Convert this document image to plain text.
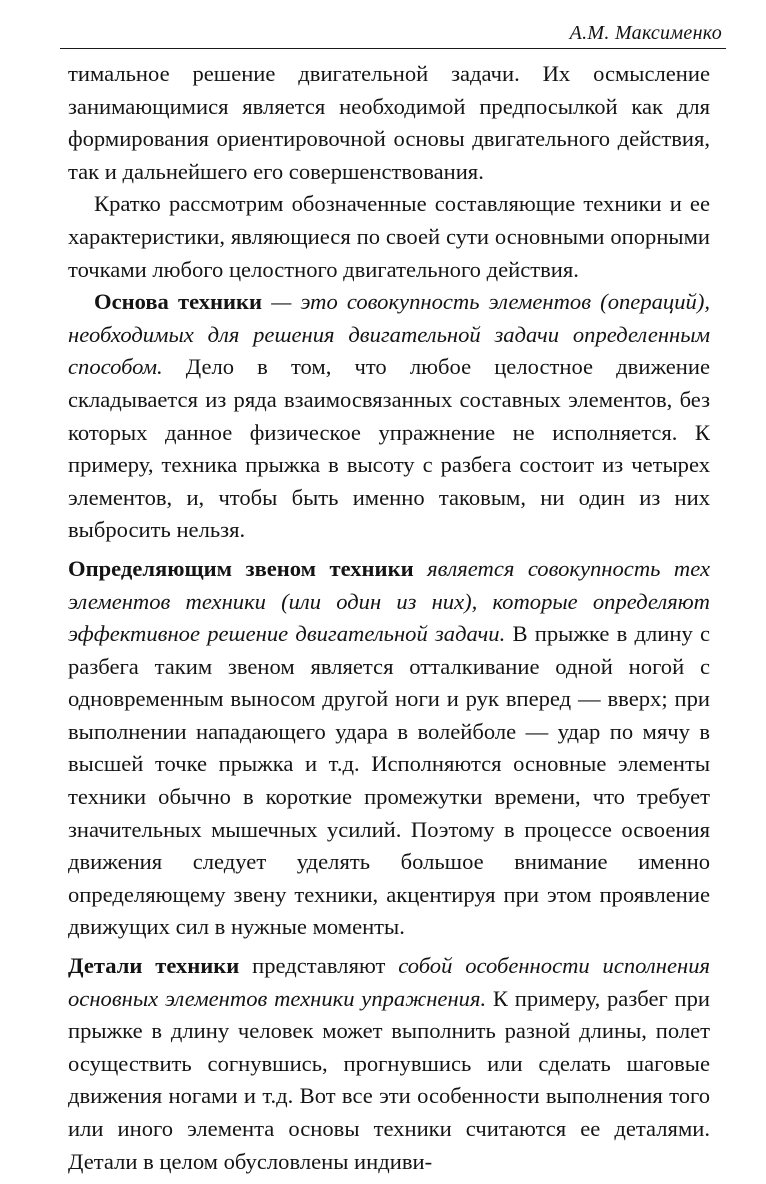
А.М. Максименко

тимальное решение двигательной задачи. Их осмысление занимающимися является необходимой предпосылкой как для формирования ориентировочной основы двигательного действия, так и дальнейшего его совершенствования.

Кратко рассмотрим обозначенные составляющие техники и ее характеристики, являющиеся по своей сути основными опорными точками любого целостного двигательного действия.

Основа техники — это совокупность элементов (операций), необходимых для решения двигательной задачи определенным способом. Дело в том, что любое целостное движение складывается из ряда взаимосвязанных составных элементов, без которых данное физическое упражнение не исполняется. К примеру, техника прыжка в высоту с разбега состоит из четырех элементов, и, чтобы быть именно таковым, ни один из них выбросить нельзя.

Определяющим звеном техники является совокупность тех элементов техники (или один из них), которые определяют эффективное решение двигательной задачи. В прыжке в длину с разбега таким звеном является отталкивание одной ногой с одновременным выносом другой ноги и рук вперед — вверх; при выполнении нападающего удара в волейболе — удар по мячу в высшей точке прыжка и т.д. Исполняются основные элементы техники обычно в короткие промежутки времени, что требует значительных мышечных усилий. Поэтому в процессе освоения движения следует уделять большое внимание именно определяющему звену техники, акцентируя при этом проявление движущих сил в нужные моменты.

Детали техники представляют собой особенности исполнения основных элементов техники упражнения. К примеру, разбег при прыжке в длину человек может выполнить разной длины, полет осуществить согнувшись, прогнувшись или сделать шаговые движения ногами и т.д. Вот все эти особенности выполнения того или иного элемента основы техники считаются ее деталями. Детали в целом обусловлены индиви-
